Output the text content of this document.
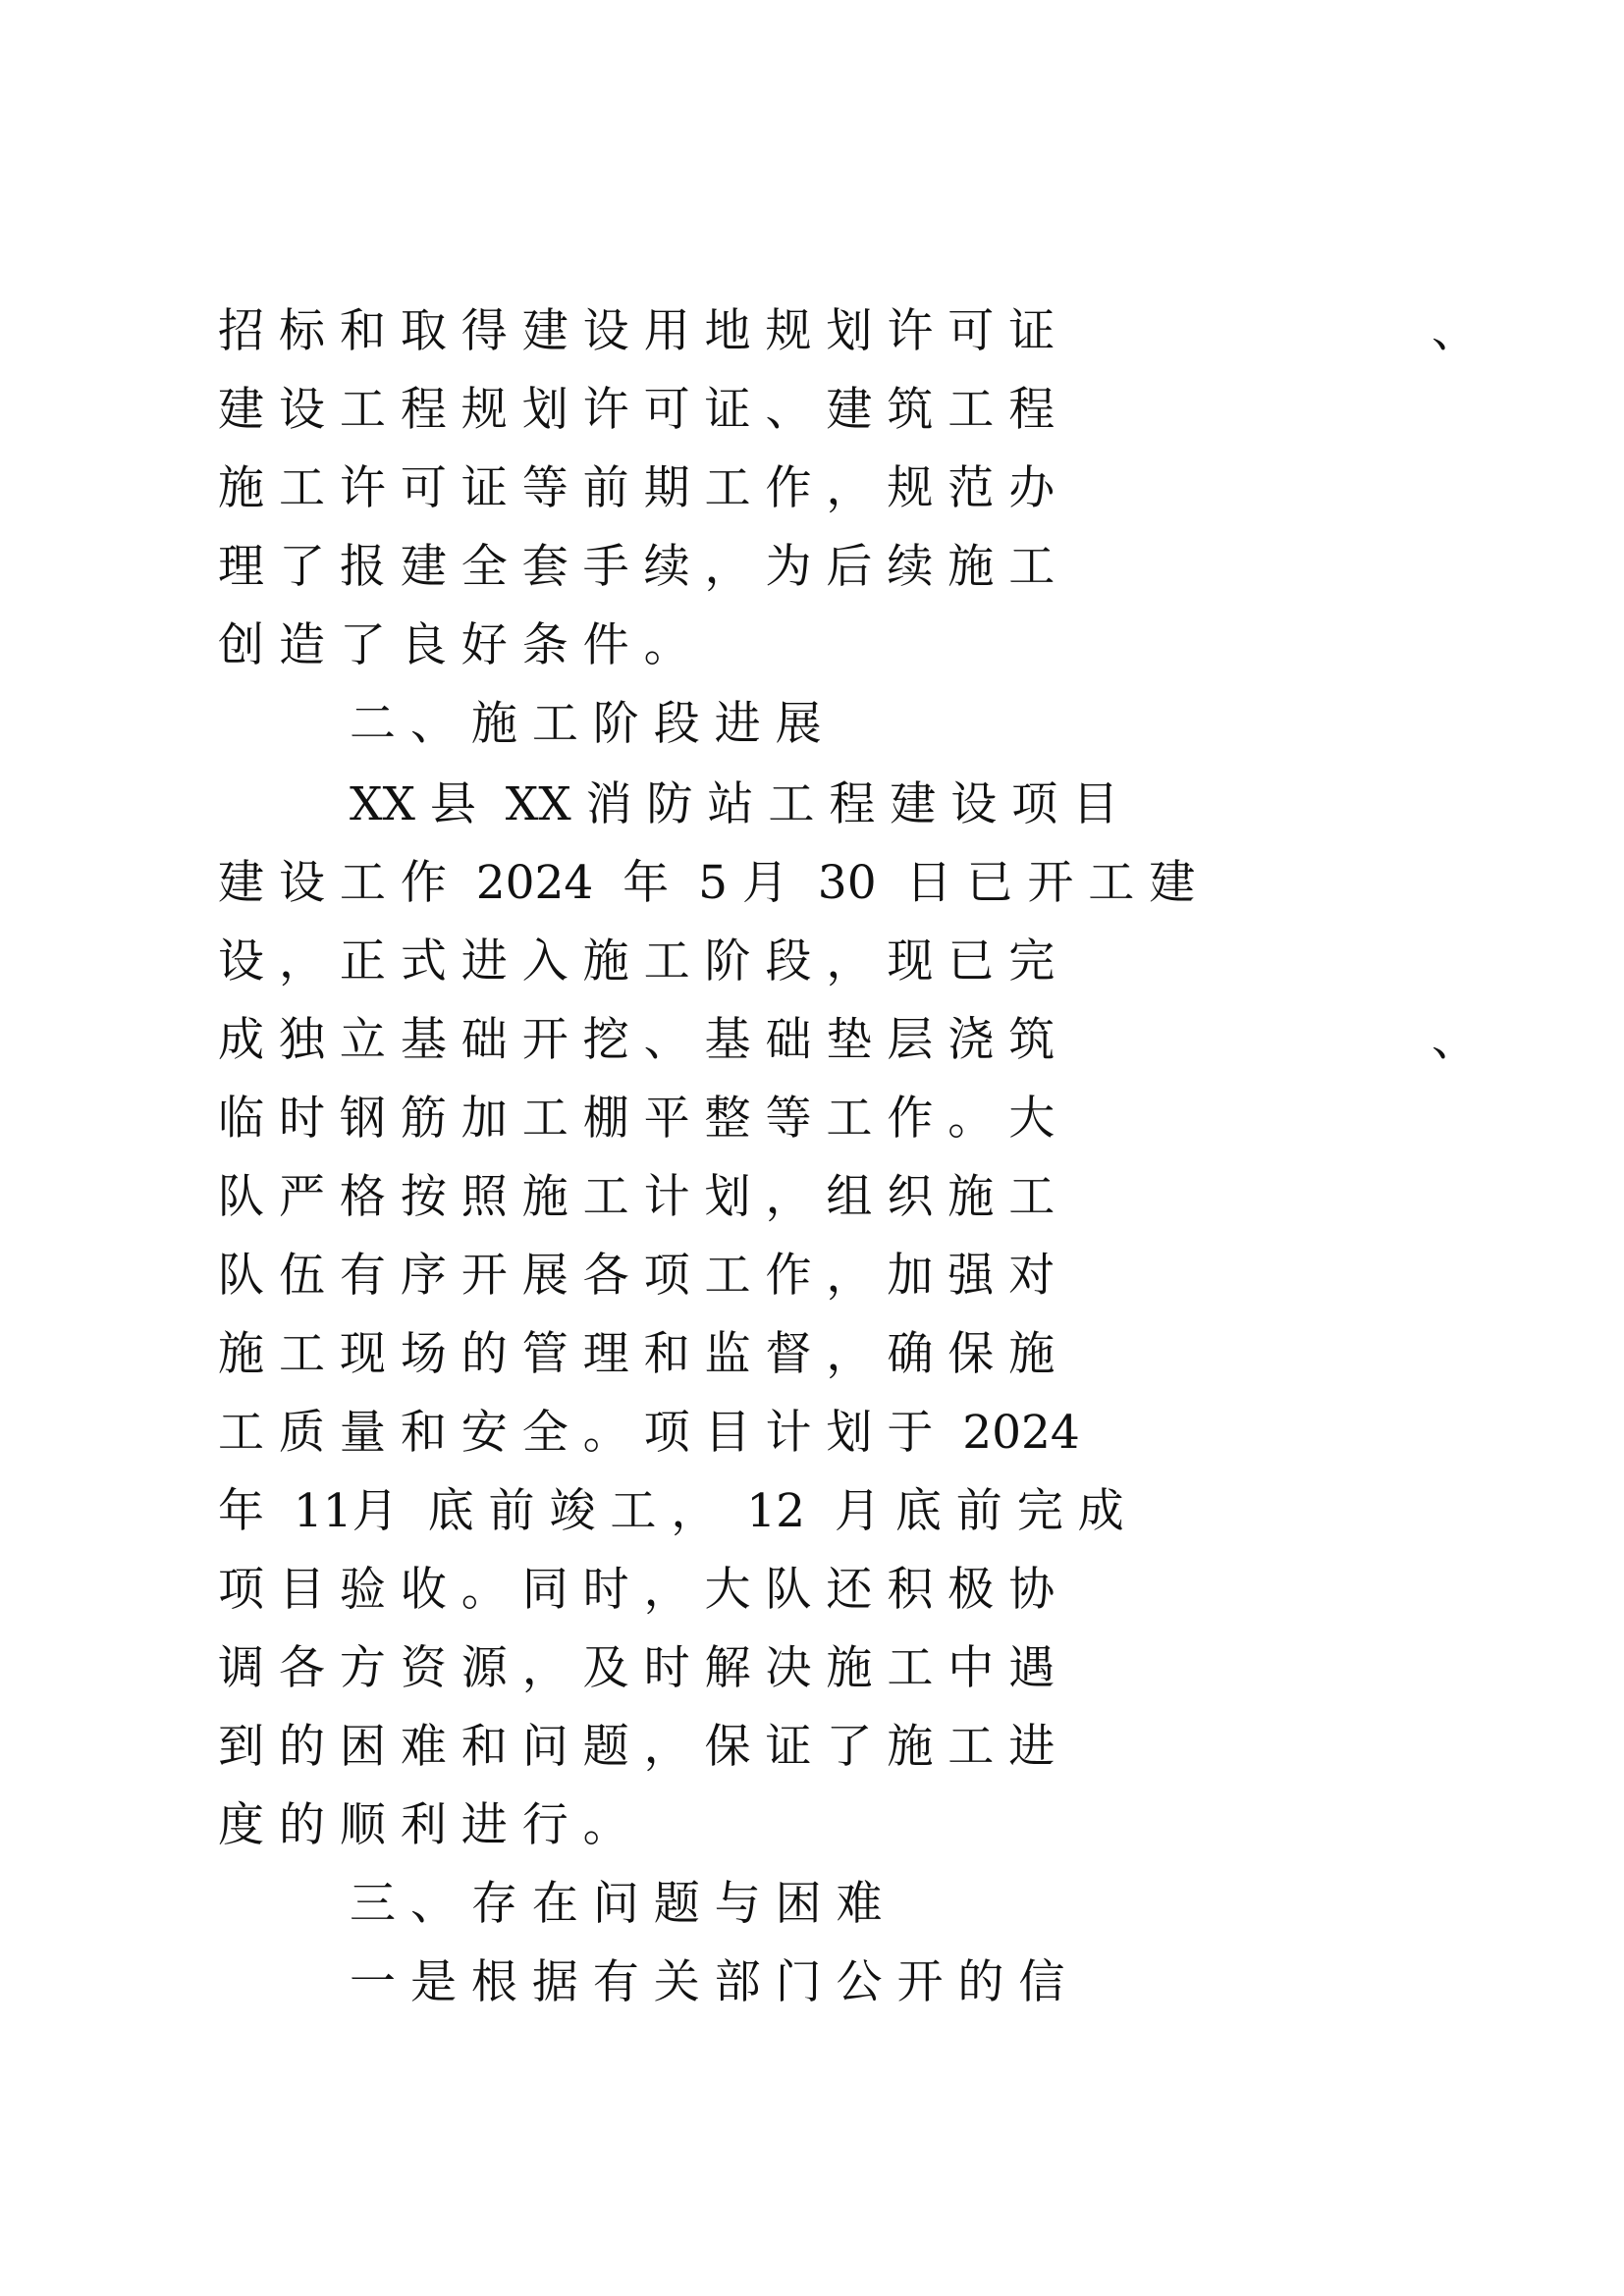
招 标 和 取 得 建 设 用 地 规 划 许 可 证	、
建 设 工 程 规 划 许 可 证 、 建 筑 工 程
施 工 许 可 证 等 前 期 工 作 ， 规 范 办
理 了 报 建 全 套 手 续 ， 为 后 续 施 工
创 造 了 良 好 条 件 。
二 、 施 工 阶 段 进 展
XX 县  XX 消 防 站 工 程 建 设 项 目
建 设 工 作  2024  年  5 月  30  日 已 开 工 建
设 ， 正 式 进 入 施 工 阶 段 ， 现 已 完
成 独 立 基 础 开 挖 、 基 础 垫 层 浇 筑	、
临 时 钢 筋 加 工 棚 平 整 等 工 作 。 大
队 严 格 按 照 施 工 计 划 ， 组 织 施 工
队 伍 有 序 开 展 各 项 工 作 ， 加 强 对
施 工 现 场 的 管 理 和 监 督 ， 确 保 施
工 质 量 和 安 全 。 项 目 计 划 于  2024
年  11月  底 前 竣 工 ，  12  月 底 前 完 成
项 目 验 收 。 同 时 ， 大 队 还 积 极 协
调 各 方 资 源 ， 及 时 解 决 施 工 中 遇
到 的 困 难 和 问 题 ， 保 证 了 施 工 进
度 的 顺 利 进 行 。
三 、 存 在 问 题 与 困 难
一 是 根 据 有 关 部 门 公 开 的 信
